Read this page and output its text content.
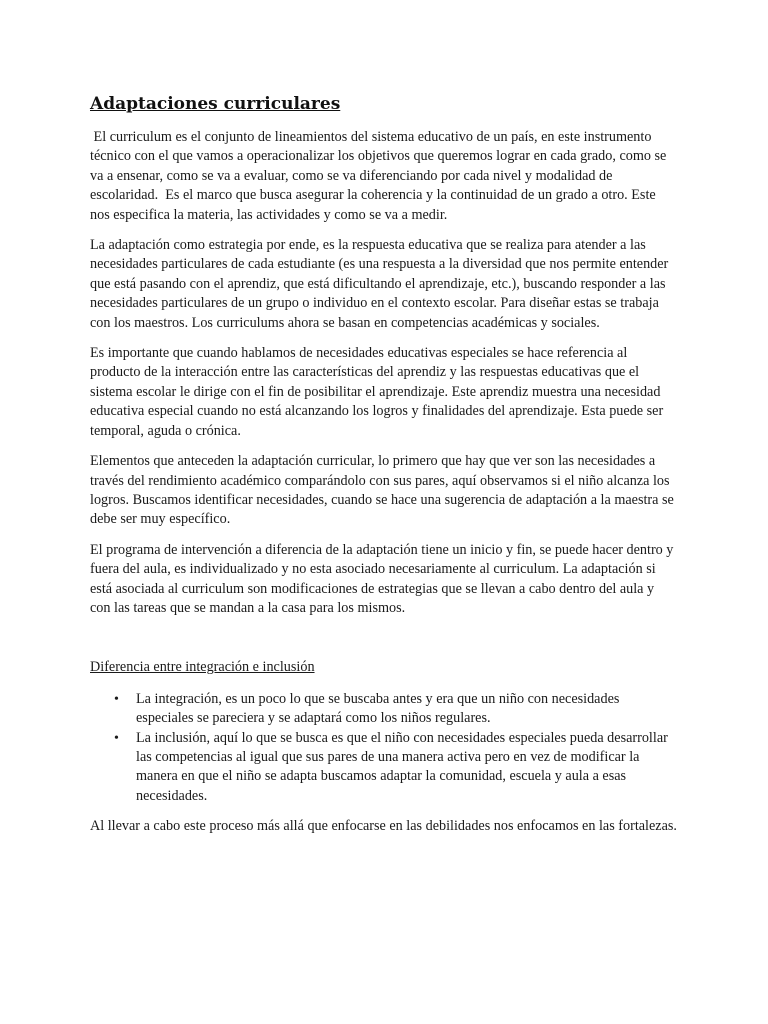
Adaptaciones curriculares

El curriculum es el conjunto de lineamientos del sistema educativo de un país, en este instrumento técnico con el que vamos a operacionalizar los objetivos que queremos lograr en cada grado, como se va a ensenar, como se va a evaluar, como se va diferenciando por cada nivel y modalidad de escolaridad.  Es el marco que busca asegurar la coherencia y la continuidad de un grado a otro. Este nos especifica la materia, las actividades y como se va a medir.

La adaptación como estrategia por ende, es la respuesta educativa que se realiza para atender a las necesidades particulares de cada estudiante (es una respuesta a la diversidad que nos permite entender que está pasando con el aprendiz, que está dificultando el aprendizaje, etc.), buscando responder a las necesidades particulares de un grupo o individuo en el contexto escolar. Para diseñar estas se trabaja con los maestros. Los curriculums ahora se basan en competencias académicas y sociales.

Es importante que cuando hablamos de necesidades educativas especiales se hace referencia al producto de la interacción entre las características del aprendiz y las respuestas educativas que el sistema escolar le dirige con el fin de posibilitar el aprendizaje. Este aprendiz muestra una necesidad educativa especial cuando no está alcanzando los logros y finalidades del aprendizaje. Esta puede ser temporal, aguda o crónica.

Elementos que anteceden la adaptación curricular, lo primero que hay que ver son las necesidades a través del rendimiento académico comparándolo con sus pares, aquí observamos si el niño alcanza los logros. Buscamos identificar necesidades, cuando se hace una sugerencia de adaptación a la maestra se debe ser muy específico.

El programa de intervención a diferencia de la adaptación tiene un inicio y fin, se puede hacer dentro y fuera del aula, es individualizado y no esta asociado necesariamente al curriculum. La adaptación si está asociada al curriculum son modificaciones de estrategias que se llevan a cabo dentro del aula y con las tareas que se mandan a la casa para los mismos.

Diferencia entre integración e inclusión

• La integración, es un poco lo que se buscaba antes y era que un niño con necesidades especiales se pareciera y se adaptará como los niños regulares.
• La inclusión, aquí lo que se busca es que el niño con necesidades especiales pueda desarrollar las competencias al igual que sus pares de una manera activa pero en vez de modificar la manera en que el niño se adapta buscamos adaptar la comunidad, escuela y aula a esas necesidades.

Al llevar a cabo este proceso más allá que enfocarse en las debilidades nos enfocamos en las fortalezas.
